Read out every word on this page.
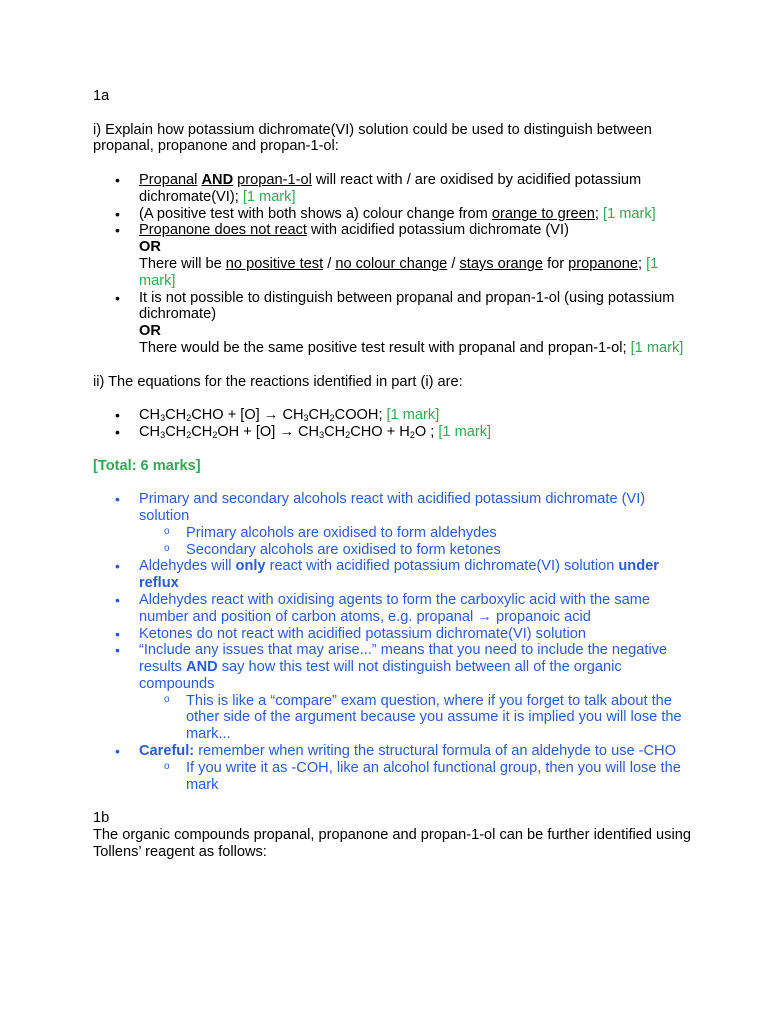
1a

i) Explain how potassium dichromate(VI) solution could be used to distinguish between propanal, propanone and propan-1-ol:

• Propanal AND propan-1-ol will react with / are oxidised by acidified potassium dichromate(VI); [1 mark]
• (A positive test with both shows a) colour change from orange to green; [1 mark]
• Propanone does not react with acidified potassium dichromate (VI)
OR
There will be no positive test / no colour change / stays orange for propanone; [1 mark]
• It is not possible to distinguish between propanal and propan-1-ol (using potassium dichromate)
OR
There would be the same positive test result with propanal and propan-1-ol; [1 mark]

ii) The equations for the reactions identified in part (i) are:

• $CH_3CH_2CHO + [O]$ → $CH_3CH_2COOH$; [1 mark]
• $CH_3CH_2CH_2OH + [O] \to CH_3CH_2CHO + H_2O$ ; [1 mark]

[Total: 6 marks]

• Primary and secondary alcohols react with acidified potassium dichromate (VI) solution
o Primary alcohols are oxidised to form aldehydes
o Secondary alcohols are oxidised to form ketones
• Aldehydes will only react with acidified potassium dichromate(VI) solution under reflux
• Aldehydes react with oxidising agents to form the carboxylic acid with the same number and position of carbon atoms, e.g. propanal → propanoic acid
• Ketones do not react with acidified potassium dichromate(VI) solution
• “Include any issues that may arise...” means that you need to include the negative results AND say how this test will not distinguish between all of the organic compounds
o This is like a “compare” exam question, where if you forget to talk about the other side of the argument because you assume it is implied you will lose the mark...
• Careful: remember when writing the structural formula of an aldehyde to use -CHO
o If you write it as -COH, like an alcohol functional group, then you will lose the mark

1b

The organic compounds propanal, propanone and propan-1-ol can be further identified using Tollens’ reagent as follows:
